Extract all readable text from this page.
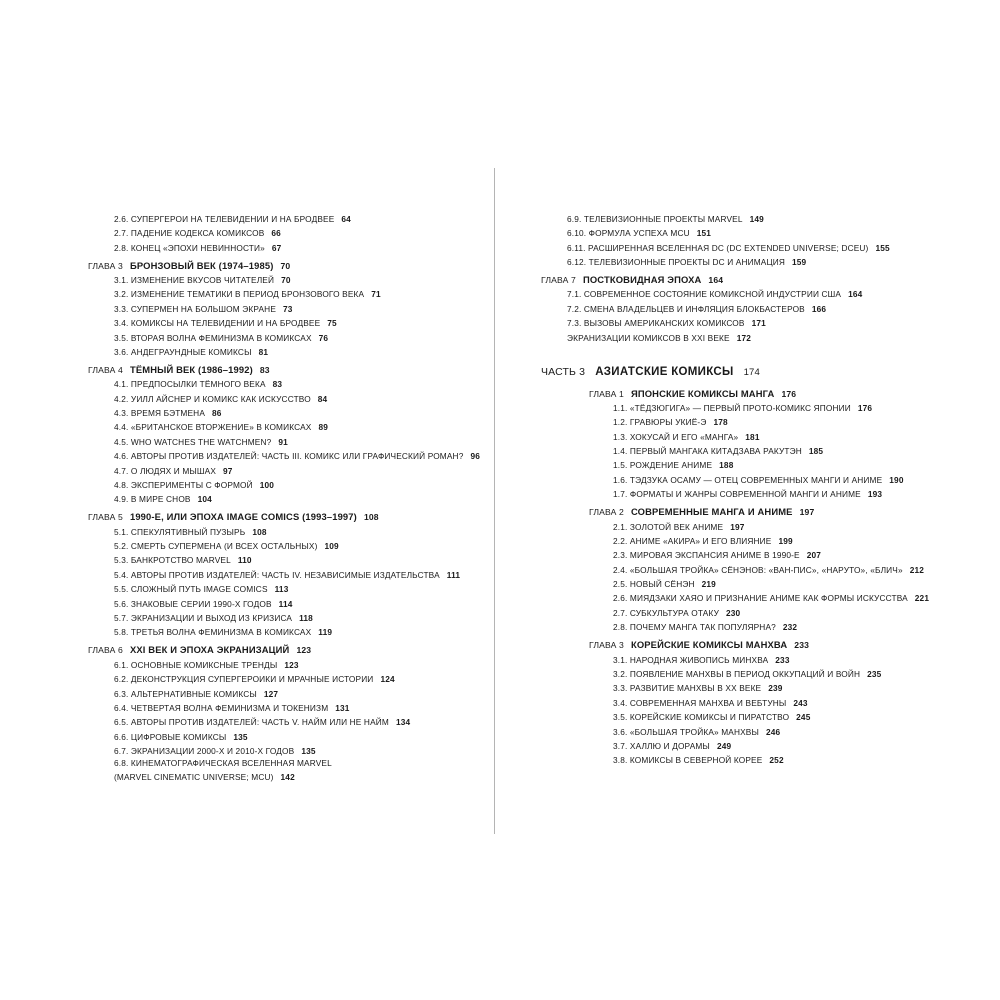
2.6. СУПЕРГЕРОИ НА ТЕЛЕВИДЕНИИ И НА БРОДВЕЕ 64
2.7. ПАДЕНИЕ КОДЕКСА КОМИКСОВ 66
2.8. КОНЕЦ «ЭПОХИ НЕВИННОСТИ» 67
ГЛАВА 3 БРОНЗОВЫЙ ВЕК (1974–1985) 70
3.1. ИЗМЕНЕНИЕ ВКУСОВ ЧИТАТЕЛЕЙ 70
3.2. ИЗМЕНЕНИЕ ТЕМАТИКИ В ПЕРИОД БРОНЗОВОГО ВЕКА 71
3.3. СУПЕРМЕН НА БОЛЬШОМ ЭКРАНЕ 73
3.4. КОМИКСЫ НА ТЕЛЕВИДЕНИИ И НА БРОДВЕЕ 75
3.5. ВТОРАЯ ВОЛНА ФЕМИНИЗМА В КОМИКСАХ 76
3.6. АНДЕГРАУНДНЫЕ КОМИКСЫ 81
ГЛАВА 4 ТЁМНЫЙ ВЕК (1986–1992) 83
4.1. ПРЕДПОСЫЛКИ ТЁМНОГО ВЕКА 83
4.2. УИЛЛ АЙСНЕР И КОМИКС КАК ИСКУССТВО 84
4.3. ВРЕМЯ БЭТМЕНА 86
4.4. «БРИТАНСКОЕ ВТОРЖЕНИЕ» В КОМИКСАХ 89
4.5. WHO WATCHES THE WATCHMEN? 91
4.6. АВТОРЫ ПРОТИВ ИЗДАТЕЛЕЙ: ЧАСТЬ III. КОМИКС ИЛИ ГРАФИЧЕСКИЙ РОМАН? 96
4.7. О ЛЮДЯХ И МЫШАХ 97
4.8. ЭКСПЕРИМЕНТЫ С ФОРМОЙ 100
4.9. В МИРЕ СНОВ 104
ГЛАВА 5 1990-Е, ИЛИ ЭПОХА IMAGE COMICS (1993–1997) 108
5.1. СПЕКУЛЯТИВНЫЙ ПУЗЫРЬ 108
5.2. СМЕРТЬ СУПЕРМЕНА (И ВСЕХ ОСТАЛЬНЫХ) 109
5.3. БАНКРОТСТВО MARVEL 110
5.4. АВТОРЫ ПРОТИВ ИЗДАТЕЛЕЙ: ЧАСТЬ IV. НЕЗАВИСИМЫЕ ИЗДАТЕЛЬСТВА 111
5.5. СЛОЖНЫЙ ПУТЬ IMAGE COMICS 113
5.6. ЗНАКОВЫЕ СЕРИИ 1990-Х ГОДОВ 114
5.7. ЭКРАНИЗАЦИИ И ВЫХОД ИЗ КРИЗИСА 118
5.8. ТРЕТЬЯ ВОЛНА ФЕМИНИЗМА В КОМИКСАХ 119
ГЛАВА 6 XXI ВЕК И ЭПОХА ЭКРАНИЗАЦИЙ 123
6.1. ОСНОВНЫЕ КОМИКСНЫЕ ТРЕНДЫ 123
6.2. ДЕКОНСТРУКЦИЯ СУПЕРГЕРОИКИ И МРАЧНЫЕ ИСТОРИИ 124
6.3. АЛЬТЕРНАТИВНЫЕ КОМИКСЫ 127
6.4. ЧЕТВЕРТАЯ ВОЛНА ФЕМИНИЗМА И ТОКЕНИЗМ 131
6.5. АВТОРЫ ПРОТИВ ИЗДАТЕЛЕЙ: ЧАСТЬ V. НАЙМ ИЛИ НЕ НАЙМ 134
6.6. ЦИФРОВЫЕ КОМИКСЫ 135
6.7. ЭКРАНИЗАЦИИ 2000-Х И 2010-Х ГОДОВ 135
6.8. КИНЕМАТОГРАФИЧЕСКАЯ ВСЕЛЕННАЯ MARVEL
(MARVEL CINEMATIC UNIVERSE; MCU) 142
6.9. ТЕЛЕВИЗИОННЫЕ ПРОЕКТЫ MARVEL 149
6.10. ФОРМУЛА УСПЕХА MCU 151
6.11. РАСШИРЕННАЯ ВСЕЛЕННАЯ DC (DC EXTENDED UNIVERSE; DCEU) 155
6.12. ТЕЛЕВИЗИОННЫЕ ПРОЕКТЫ DC И АНИМАЦИЯ 159
ГЛАВА 7 ПОСТКОВИДНАЯ ЭПОХА 164
7.1. СОВРЕМЕННОЕ СОСТОЯНИЕ КОМИКСНОЙ ИНДУСТРИИ США 164
7.2. СМЕНА ВЛАДЕЛЬЦЕВ И ИНФЛЯЦИЯ БЛОКБАСТЕРОВ 166
7.3. ВЫЗОВЫ АМЕРИКАНСКИХ КОМИКСОВ 171
ЭКРАНИЗАЦИИ КОМИКСОВ В XXI ВЕКЕ 172
ЧАСТЬ 3 АЗИАТСКИЕ КОМИКСЫ 174
ГЛАВА 1 ЯПОНСКИЕ КОМИКСЫ МАНГА 176
1.1. «ТЁДЗЮГИГА» — ПЕРВЫЙ ПРОТО-КОМИКС ЯПОНИИ 176
1.2. ГРАВЮРЫ УКИЁ-Э 178
1.3. ХОКУСАЙ И ЕГО «МАНГА» 181
1.4. ПЕРВЫЙ МАНГАКА КИТАДЗАВА РАКУТЭН 185
1.5. РОЖДЕНИЕ АНИМЕ 188
1.6. ТЭДЗУКА ОСАМУ — ОТЕЦ СОВРЕМЕННЫХ МАНГИ И АНИМЕ 190
1.7. ФОРМАТЫ И ЖАНРЫ СОВРЕМЕННОЙ МАНГИ И АНИМЕ 193
ГЛАВА 2 СОВРЕМЕННЫЕ МАНГА И АНИМЕ 197
2.1. ЗОЛОТОЙ ВЕК АНИМЕ 197
2.2. АНИМЕ «АКИРА» И ЕГО ВЛИЯНИЕ 199
2.3. МИРОВАЯ ЭКСПАНСИЯ АНИМЕ В 1990-Е 207
2.4. «БОЛЬШАЯ ТРОЙКА» СЁНЭНОВ: «ВАН-ПИС», «НАРУТО», «БЛИЧ» 212
2.5. НОВЫЙ СЁНЭН 219
2.6. МИЯДЗАКИ ХАЯО И ПРИЗНАНИЕ АНИМЕ КАК ФОРМЫ ИСКУССТВА 221
2.7. СУБКУЛЬТУРА ОТАКУ 230
2.8. ПОЧЕМУ МАНГА ТАК ПОПУЛЯРНА? 232
ГЛАВА 3 КОРЕЙСКИЕ КОМИКСЫ МАНХВА 233
3.1. НАРОДНАЯ ЖИВОПИСЬ МИНХВА 233
3.2. ПОЯВЛЕНИЕ МАНХВЫ В ПЕРИОД ОККУПАЦИЙ И ВОЙН 235
3.3. РАЗВИТИЕ МАНХВЫ В XX ВЕКЕ 239
3.4. СОВРЕМЕННАЯ МАНХВА И ВЕБТУНЫ 243
3.5. КОРЕЙСКИЕ КОМИКСЫ И ПИРАТСТВО 245
3.6. «БОЛЬШАЯ ТРОЙКА» МАНХВЫ 246
3.7. ХАЛЛЮ И ДОРАМЫ 249
3.8. КОМИКСЫ В СЕВЕРНОЙ КОРЕЕ 252
